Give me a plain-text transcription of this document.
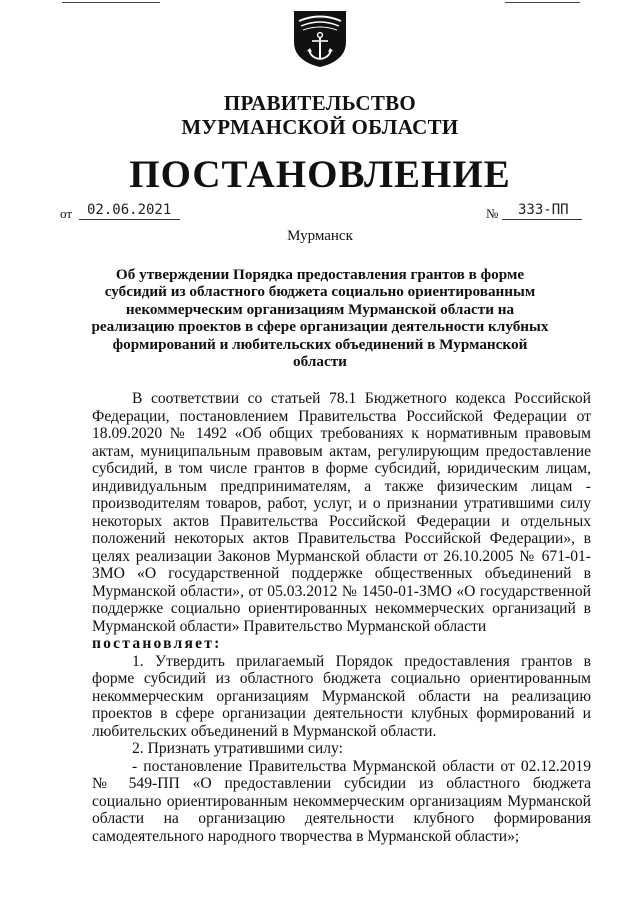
ПРАВИТЕЛЬСТВО
МУРМАНСКОЙ ОБЛАСТИ
ПОСТАНОВЛЕНИЕ
от	02.06.2021	№	333-ПП
Мурманск
Об утверждении Порядка предоставления грантов в форме субсидий из областного бюджета социально ориентированным некоммерческим организациям Мурманской области на реализацию проектов в сфере организации деятельности клубных формирований и любительских объединений в Мурманской области

В соответствии со статьей 78.1 Бюджетного кодекса Российской Федерации, постановлением Правительства Российской Федерации от 18.09.2020 № 1492 «Об общих требованиях к нормативным правовым актам, муниципальным правовым актам, регулирующим предоставление субсидий, в том числе грантов в форме субсидий, юридическим лицам, индивидуальным предпринимателям, а также физическим лицам - производителям товаров, работ, услуг, и о признании утратившими силу некоторых актов Правительства Российской Федерации и отдельных положений некоторых актов Правительства Российской Федерации», в целях реализации Законов Мурманской области от 26.10.2005 № 671-01-ЗМО «О государственной поддержке общественных объединений в Мурманской области», от 05.03.2012 № 1450-01-ЗМО «О государственной поддержке социально ориентированных некоммерческих организаций в Мурманской области» Правительство Мурманской области

постановляет:

1. Утвердить прилагаемый Порядок предоставления грантов в форме субсидий из областного бюджета социально ориентированным некоммерческим организациям Мурманской области на реализацию проектов в сфере организации деятельности клубных формирований и любительских объединений в Мурманской области.

2. Признать утратившими силу:

- постановление Правительства Мурманской области от 02.12.2019 № 549-ПП «О предоставлении субсидии из областного бюджета социально ориентированным некоммерческим организациям Мурманской области на организацию деятельности клубного формирования самодеятельного народного творчества в Мурманской области»;
